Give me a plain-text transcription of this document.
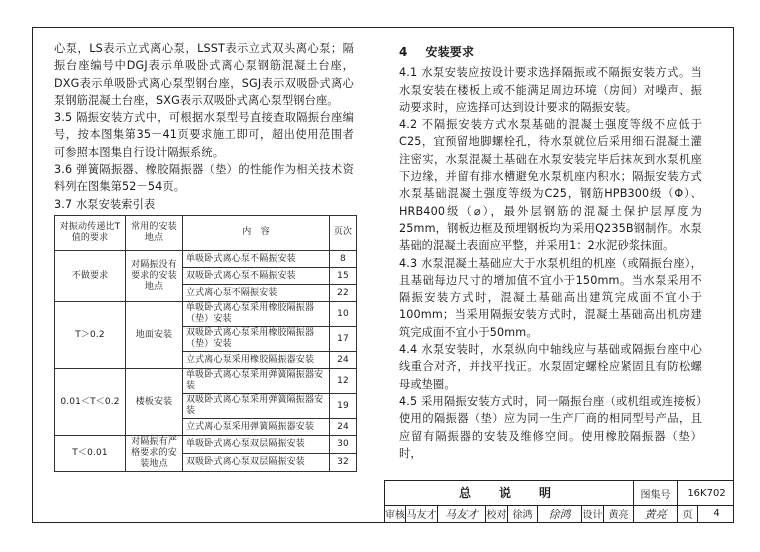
心泵，LS表示立式离心泵，LSST表示立式双头离心泵；隔振台座编号中DGJ表示单吸卧式离心泵钢筋混凝土台座，DXG表示单吸卧式离心泵型钢台座，SGJ表示双吸卧式离心泵钢筋混凝土台座，SXG表示双吸卧式离心泵型钢台座。

3.5 隔振安装方式中，可根据水泵型号直接查取隔振台座编号，按本图集第35－41页要求施工即可，超出使用范围者可参照本图集自行设计隔振系统。

3.6 弹簧隔振器、橡胶隔振器（垫）的性能作为相关技术资料列在图集第52－54页。

3.7 水泵安装索引表

对振动传递比T值的要求	常用的安装地点	内　容	页次
不做要求	对隔振没有要求的安装地点	单吸卧式离心泵不隔振安装	8
		双吸卧式离心泵不隔振安装	15
		立式离心泵不隔振安装	22
T＞0.2	地面安装	单吸卧式离心泵采用橡胶隔振器（垫）安装	10
		双吸卧式离心泵采用橡胶隔振器（垫）安装	17
		立式离心泵采用橡胶隔振器安装	24
0.01＜T＜0.2	楼板安装	单吸卧式离心泵采用弹簧隔振器安装	12
		双吸卧式离心泵采用弹簧隔振器安装	19
		立式离心泵采用弹簧隔振器安装	24
T＜0.01	对隔振有严格要求的安装地点	单吸卧式离心泵双层隔振安装	30
		双吸卧式离心泵双层隔振安装	32
4 安装要求

4.1 水泵安装应按设计要求选择隔振或不隔振安装方式。当水泵安装在楼板上或不能满足周边环境（房间）对噪声、振动要求时，应选择可达到设计要求的隔振安装。

4.2 不隔振安装方式水泵基础的混凝土强度等级不应低于C25，宜预留地脚螺栓孔，待水泵就位后采用细石混凝土灌注密实，水泵混凝土基础在水泵安装完毕后抹灰到水泵机座下边缘，并留有排水槽避免水泵机座内积水；隔振安装方式水泵基础混凝土强度等级为C25，钢筋HPB300级（Φ）、HRB400级（⌀），最外层钢筋的混凝土保护层厚度为25mm，钢板边框及预埋钢板均为采用Q235B钢制作。水泵基础的混凝土表面应平整，并采用1：2水泥砂浆抹面。

4.3 水泵混凝土基础应大于水泵机组的机座（或隔振台座），且基础每边尺寸的增加值不宜小于150mm。当水泵采用不隔振安装方式时，混凝土基础高出建筑完成面不宜小于100mm；当采用隔振安装方式时，混凝土基础高出机房建筑完成面不宜小于50mm。

4.4 水泵安装时，水泵纵向中轴线应与基础或隔振台座中心线重合对齐，并找平找正。水泵固定螺栓应紧固且有防松螺母或垫圈。

4.5 采用隔振安装方式时，同一隔振台座（或机组或连接板）使用的隔振器（垫）应为同一生产厂商的相同型号产品，且应留有隔振器的安装及维修空间。使用橡胶隔振器（垫）时，

总　说　明	图集号	16K702
审核 马友才 马友才 校对 徐鸿	徐鸿	设计 黄亮	黄亮	页	4
